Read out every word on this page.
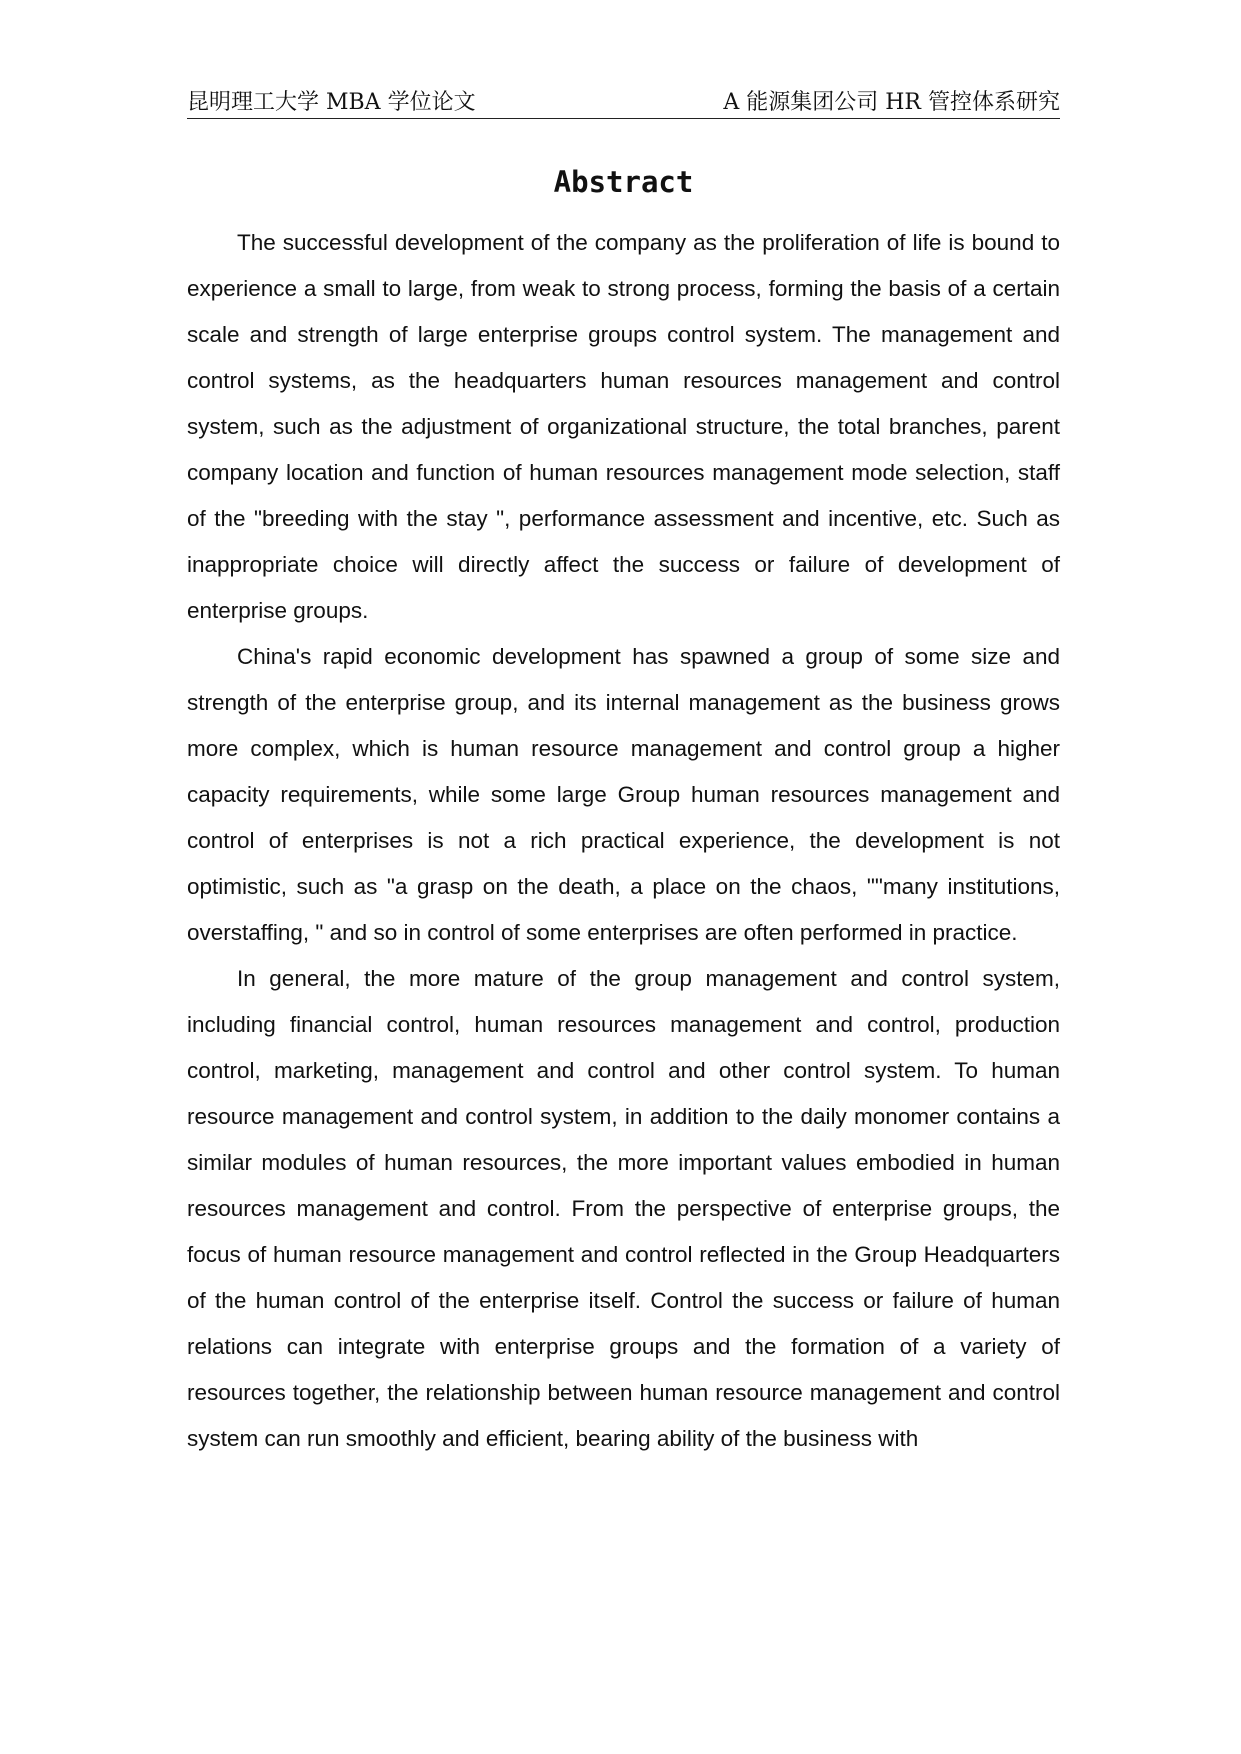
昆明理工大学 MBA 学位论文	A 能源集团公司 HR 管控体系研究
Abstract

The successful development of the company as the proliferation of life is bound to experience a small to large, from weak to strong process, forming the basis of a certain scale and strength of large enterprise groups control system. The management and control systems, as the headquarters human resources management and control system, such as the adjustment of organizational structure, the total branches, parent company location and function of human resources management mode selection, staff of the "breeding with the stay ", performance assessment and incentive, etc. Such as inappropriate choice will directly affect the success or failure of development of enterprise groups.

China's rapid economic development has spawned a group of some size and strength of the enterprise group, and its internal management as the business grows more complex, which is human resource management and control group a higher capacity requirements, while some large Group human resources management and control of enterprises is not a rich practical experience, the development is not optimistic, such as "a grasp on the death, a place on the chaos, ""many institutions, overstaffing, " and so in control of some enterprises are often performed in practice.

In general, the more mature of the group management and control system, including financial control, human resources management and control, production control, marketing, management and control and other control system. To human resource management and control system, in addition to the daily monomer contains a similar modules of human resources, the more important values embodied in human resources management and control. From the perspective of enterprise groups, the focus of human resource management and control reflected in the Group Headquarters of the human control of the enterprise itself. Control the success or failure of human relations can integrate with enterprise groups and the formation of a variety of resources together, the relationship between human resource management and control system can run smoothly and efficient, bearing ability of the business with
